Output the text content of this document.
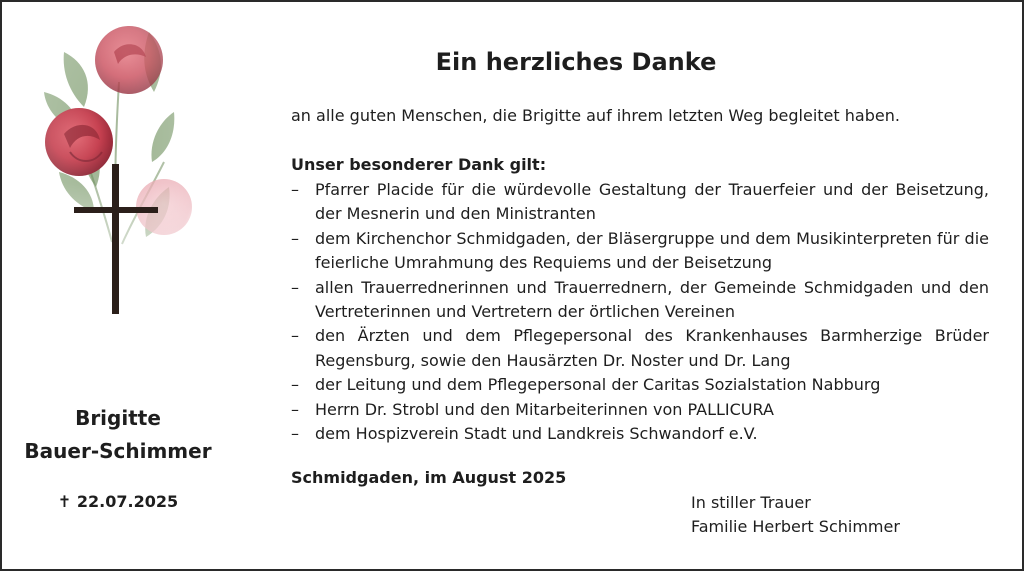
Brigitte
Bauer-Schimmer
✝ 22.07.2025
Ein herzliches Danke
an alle guten Menschen, die Brigitte auf ihrem letzten Weg begleitet haben.
Unser besonderer Dank gilt:
– Pfarrer Placide für die würdevolle Gestaltung der Trauerfeier und der Beisetzung, der Mesnerin und den Ministranten
– dem Kirchenchor Schmidgaden, der Bläsergruppe und dem Musikinterpreten für die feierliche Umrahmung des Requiems und der Beisetzung
– allen Trauerrednerinnen und Trauerrednern, der Gemeinde Schmidgaden und den Vertreterinnen und Vertretern der örtlichen Vereinen
– den Ärzten und dem Pflegepersonal des Krankenhauses Barmherzige Brüder Regensburg, sowie den Hausärzten Dr. Noster und Dr. Lang
– der Leitung und dem Pflegepersonal der Caritas Sozialstation Nabburg
– Herrn Dr. Strobl und den Mitarbeiterinnen von PALLICURA
– dem Hospizverein Stadt und Landkreis Schwandorf e.V.
Schmidgaden, im August 2025
In stiller Trauer
Familie Herbert Schimmer
